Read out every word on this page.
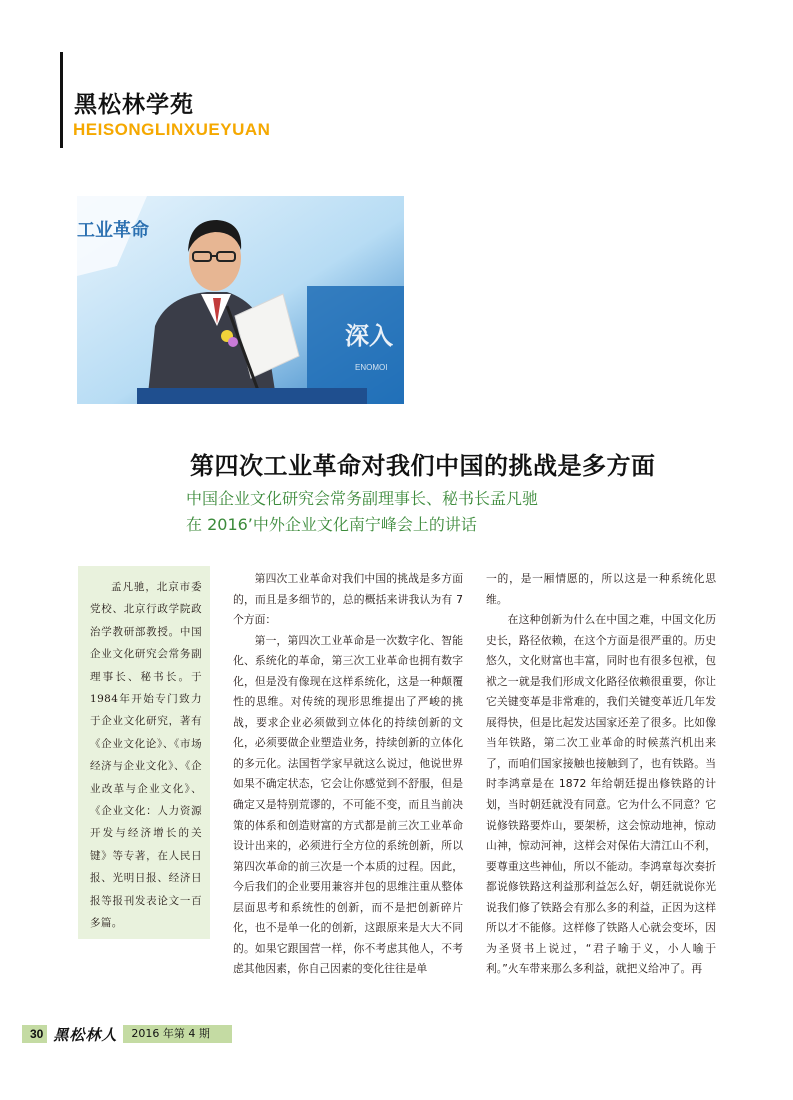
黑松林学苑
HEISONGLINXUEYUAN
工业革命
深入
ENOMOI
第四次工业革命对我们中国的挑战是多方面
中国企业文化研究会常务副理事长、秘书长孟凡驰
在 2016’中外企业文化南宁峰会上的讲话
孟凡驰，北京市委党校、北京行政学院政治学教研部教授。中国企业文化研究会常务副理事长、秘书长。于1984年开始专门致力于企业文化研究，著有《企业文化论》、《市场经济与企业文化》、《企业改革与企业文化》、《企业文化：人力资源开发与经济增长的关键》等专著，在人民日报、光明日报、经济日报等报刊发表论文一百多篇。

第四次工业革命对我们中国的挑战是多方面的，而且是多细节的，总的概括来讲我认为有 7 个方面：

第一，第四次工业革命是一次数字化、智能化、系统化的革命，第三次工业革命也拥有数字化，但是没有像现在这样系统化，这是一种颠覆性的思维。对传统的现形思维提出了严峻的挑战，要求企业必须做到立体化的持续创新的文化，必须要做企业塑造业务，持续创新的立体化的多元化。法国哲学家早就这么说过，他说世界如果不确定状态，它会让你感觉到不舒服，但是确定又是特别荒谬的，不可能不变，而且当前决策的体系和创造财富的方式都是前三次工业革命设计出来的，必须进行全方位的系统创新，所以第四次革命的前三次是一个本质的过程。因此，今后我们的企业要用兼容并包的思维注重从整体层面思考和系统性的创新，而不是把创新碎片化，也不是单一化的创新，这跟原来是大大不同的。如果它跟国营一样，你不考虑其他人，不考虑其他因素，你自己因素的变化往往是单

一的，是一厢情愿的，所以这是一种系统化思维。

在这种创新为什么在中国之难，中国文化历史长，路径依赖，在这个方面是很严重的。历史悠久，文化财富也丰富，同时也有很多包袱，包袱之一就是我们形成文化路径依赖很重要，你让它关键变革是非常难的，我们关键变革近几年发展得快，但是比起发达国家还差了很多。比如像当年铁路，第二次工业革命的时候蒸汽机出来了，而咱们国家接触也接触到了，也有铁路。当时李鸿章是在 1872 年给朝廷提出修铁路的计划，当时朝廷就没有同意。它为什么不同意？它说修铁路要炸山，要架桥，这会惊动地神，惊动山神，惊动河神，这样会对保佑大清江山不利，要尊重这些神仙，所以不能动。李鸿章每次奏折都说修铁路这利益那利益怎么好，朝廷就说你光说我们修了铁路会有那么多的利益，正因为这样所以才不能修。这样修了铁路人心就会变坏，因为圣贤书上说过，“君子喻于义，小人喻于利。”火车带来那么多利益，就把义给冲了。再

30 黑松林人	2016 年第 4 期
